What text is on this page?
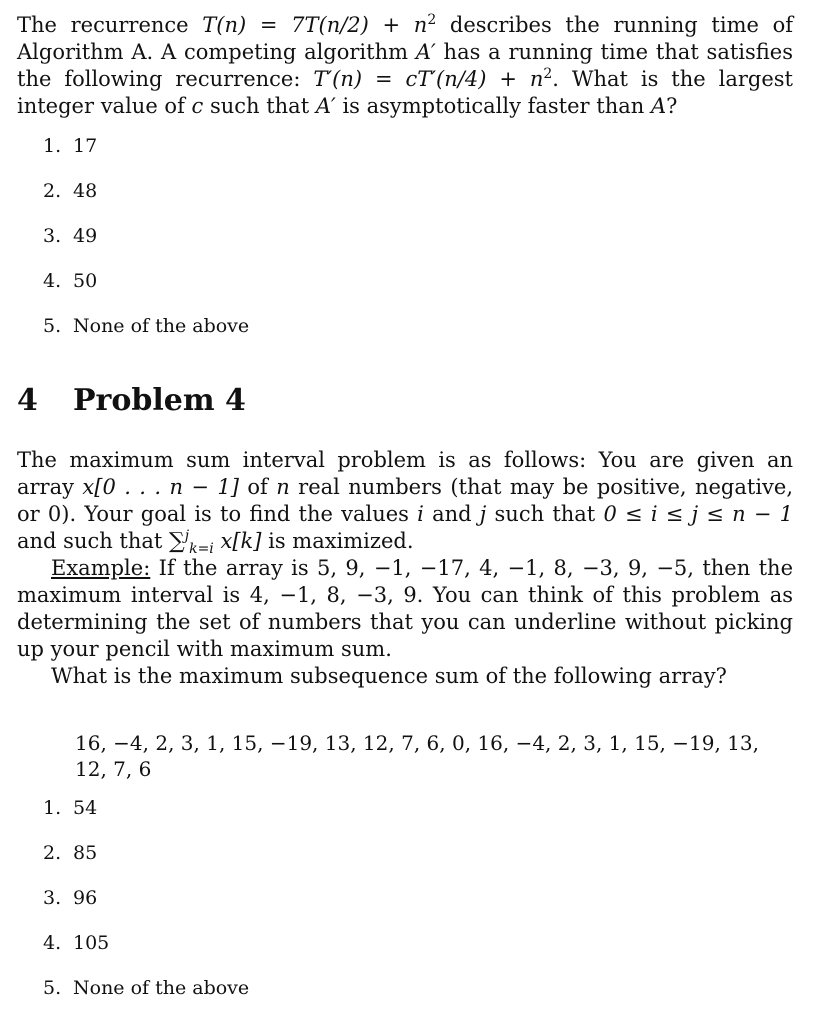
The recurrence $T(n) = 7T(n/2) + n^2$ describes the running time of Algorithm A. A competing algorithm A′ has a running time that satisfies the following recurrence: $T'(n) = cT'(n/4) + n^2$. What is the largest integer value of c such that A′ is asymptotically faster than A?

1. 17
2. 48
3. 49
4. 50
5. None of the above
4 Problem 4

The maximum sum interval problem is as follows: You are given an array x[0 . . . n − 1] of n real numbers (that may be positive, negative, or 0). Your goal is to find the values i and j such that 0 ≤ i ≤ j ≤ n − 1 and such that ∑$^j_{k=i}$ x[k] is maximized.

Example: If the array is 5, 9, −1, −17, 4, −1, 8, −3, 9, −5, then the maximum interval is 4, −1, 8, −3, 9. You can think of this problem as determining the set of numbers that you can underline without picking up your pencil with maximum sum.

What is the maximum subsequence sum of the following array?

16, −4, 2, 3, 1, 15, −19, 13, 12, 7, 6, 0, 16, −4, 2, 3, 1, 15, −19, 13, 12, 7, 6
1. 54
2. 85
3. 96
4. 105
5. None of the above
